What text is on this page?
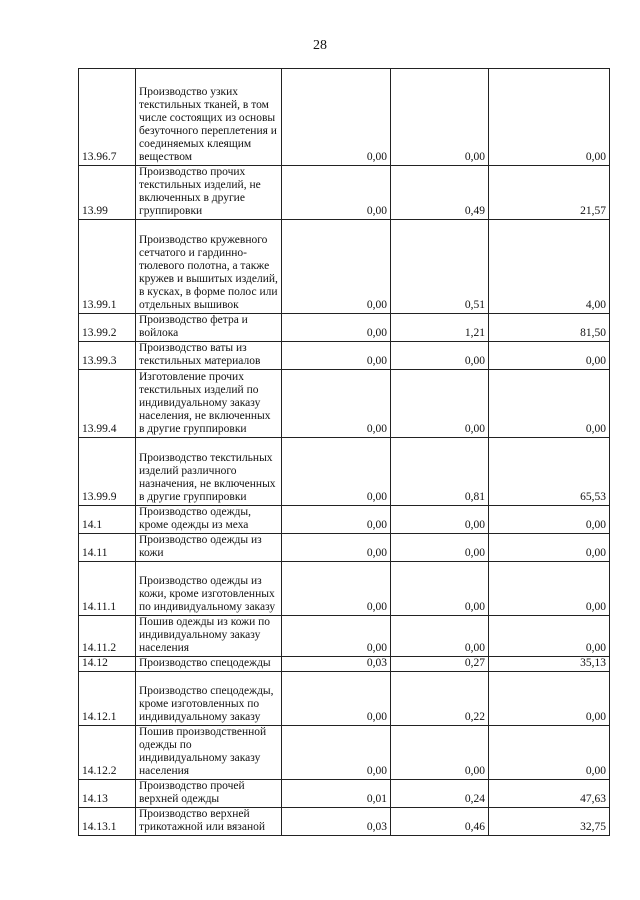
28
13.96.7	Производство узких текстильных тканей, в том числе состоящих из основы безуточного переплетения и соединяемых клеящим веществом	0,00	0,00	0,00
13.99	Производство прочих текстильных изделий, не включенных в другие группировки	0,00	0,49	21,57
13.99.1	Производство кружевного сетчатого и гардинно-тюлевого полотна, а также кружев и вышитых изделий, в кусках, в форме полос или отдельных вышивок	0,00	0,51	4,00
13.99.2	Производство фетра и войлока	0,00	1,21	81,50
13.99.3	Производство ваты из текстильных материалов	0,00	0,00	0,00
13.99.4	Изготовление прочих текстильных изделий по индивидуальному заказу населения, не включенных в другие группировки	0,00	0,00	0,00
13.99.9	Производство текстильных изделий различного назначения, не включенных в другие группировки	0,00	0,81	65,53
14.1	Производство одежды, кроме одежды из меха	0,00	0,00	0,00
14.11	Производство одежды из кожи	0,00	0,00	0,00
14.11.1	Производство одежды из кожи, кроме изготовленных по индивидуальному заказу	0,00	0,00	0,00
14.11.2	Пошив одежды из кожи по индивидуальному заказу населения	0,00	0,00	0,00
14.12	Производство спецодежды	0,03	0,27	35,13
14.12.1	Производство спецодежды, кроме изготовленных по индивидуальному заказу	0,00	0,22	0,00
14.12.2	Пошив производственной одежды по индивидуальному заказу населения	0,00	0,00	0,00
14.13	Производство прочей верхней одежды	0,01	0,24	47,63
14.13.1	Производство верхней трикотажной или вязаной	0,03	0,46	32,75
